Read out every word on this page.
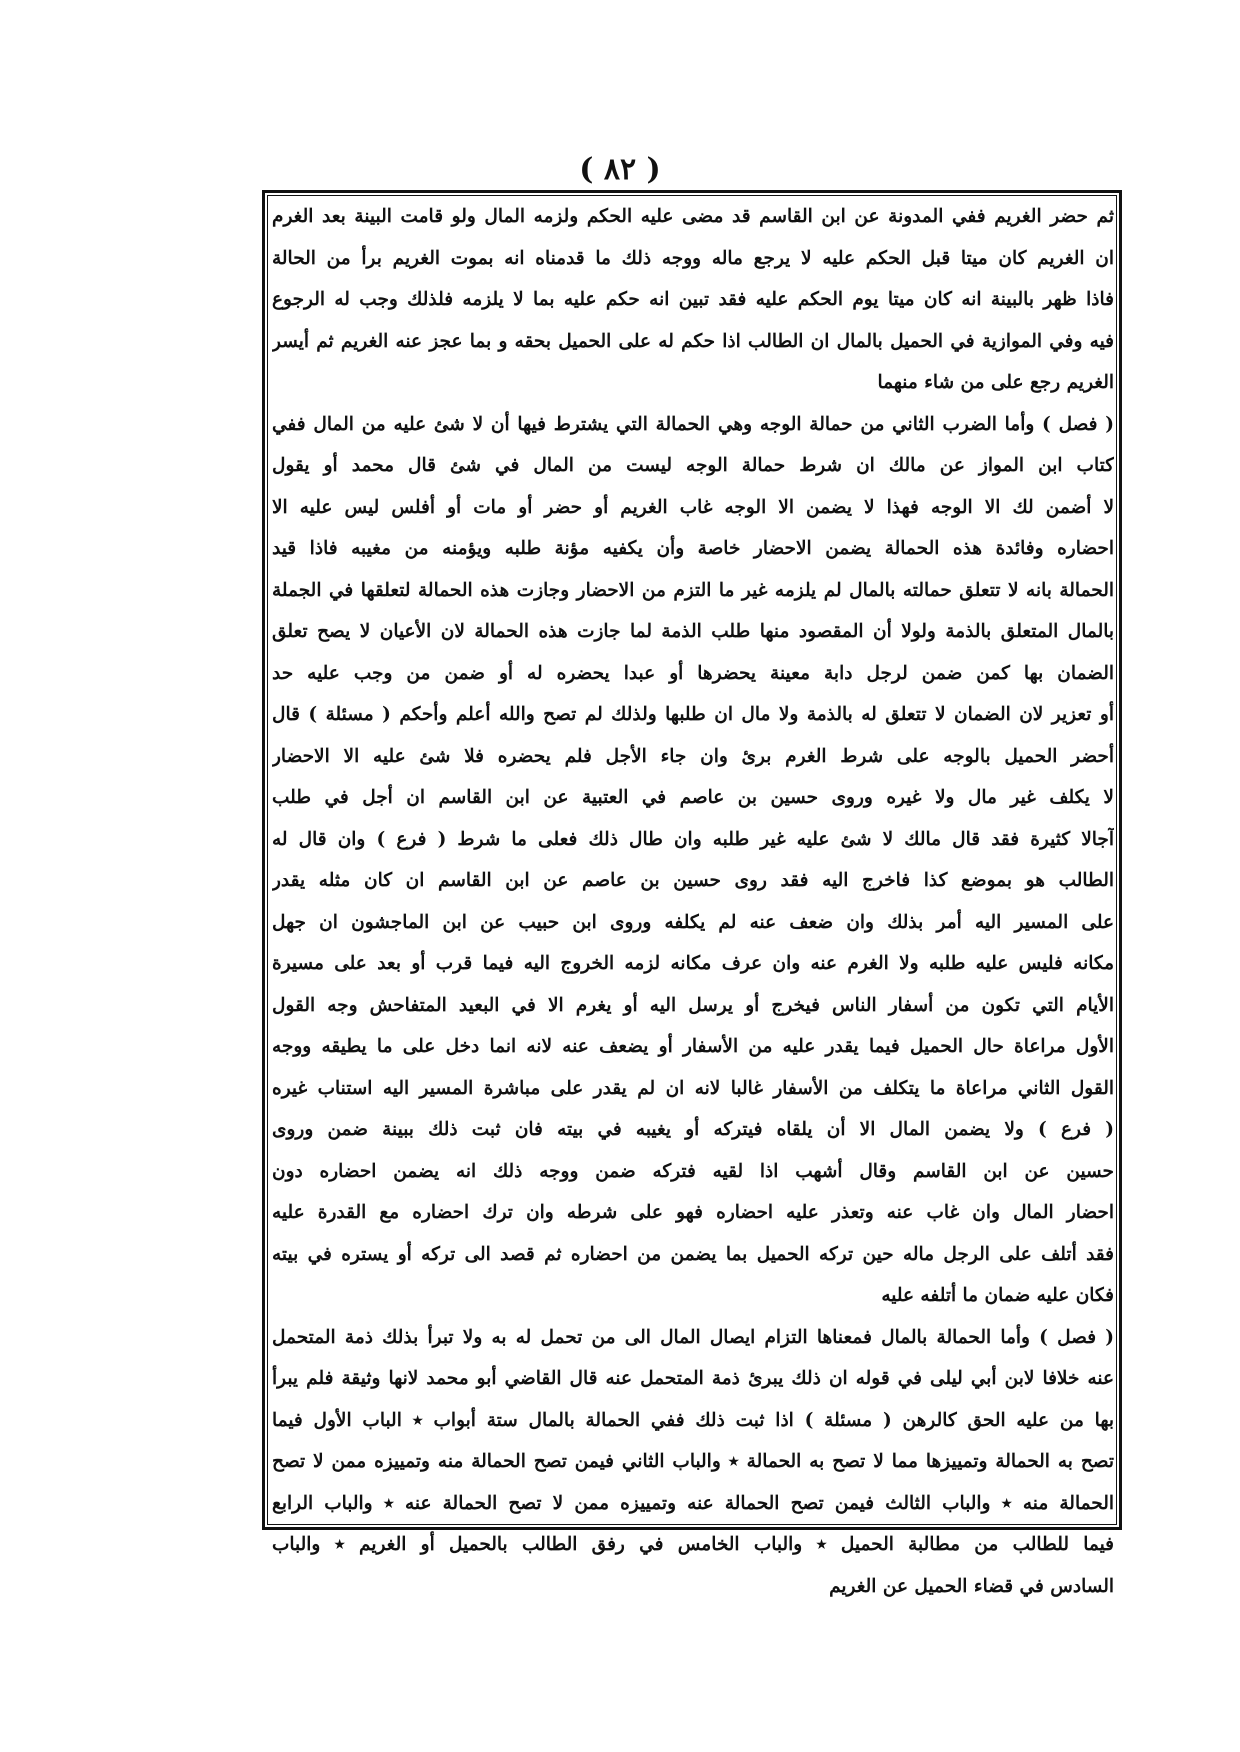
( ٨٢ )
ثم حضر الغريم ففي المدونة عن ابن القاسم قد مضى عليه الحكم ولزمه المال ولو قامت البينة بعد الغرم
ان الغريم كان ميتا قبل الحكم عليه لا يرجع ماله ووجه ذلك ما قدمناه انه بموت الغريم برأ من الحالة
فاذا ظهر بالبينة انه كان ميتا يوم الحكم عليه فقد تبين انه حكم عليه بما لا يلزمه فلذلك وجب له الرجوع
فيه وفي الموازية في الحميل بالمال ان الطالب اذا حكم له على الحميل بحقه و بما عجز عنه الغريم ثم أيسر
الغريم رجع على من شاء منهما
( فصل ) وأما الضرب الثاني من حمالة الوجه وهي الحمالة التي يشترط فيها أن لا شئ عليه من المال ففي
كتاب ابن المواز عن مالك ان شرط حمالة الوجه ليست من المال في شئ قال محمد أو يقول
لا أضمن لك الا الوجه فهذا لا يضمن الا الوجه غاب الغريم أو حضر أو مات أو أفلس ليس عليه الا
احضاره وفائدة هذه الحمالة يضمن الاحضار خاصة وأن يكفيه مؤنة طلبه ويؤمنه من مغيبه فاذا قيد
الحمالة بانه لا تتعلق حمالته بالمال لم يلزمه غير ما التزم من الاحضار وجازت هذه الحمالة لتعلقها في الجملة
بالمال المتعلق بالذمة ولولا أن المقصود منها طلب الذمة لما جازت هذه الحمالة لان الأعيان لا يصح تعلق
الضمان بها كمن ضمن لرجل دابة معينة يحضرها أو عبدا يحضره له أو ضمن من وجب عليه حد
أو تعزير لان الضمان لا تتعلق له بالذمة ولا مال ان طلبها ولذلك لم تصح والله أعلم وأحكم ( مسئلة ) قال
أحضر الحميل بالوجه على شرط الغرم برئ وان جاء الأجل فلم يحضره فلا شئ عليه الا الاحضار
لا يكلف غير مال ولا غيره وروى حسين بن عاصم في العتبية عن ابن القاسم ان أجل في طلب
آجالا كثيرة فقد قال مالك لا شئ عليه غير طلبه وان طال ذلك فعلى ما شرط ( فرع ) وان قال له
الطالب هو بموضع كذا فاخرج اليه فقد روى حسين بن عاصم عن ابن القاسم ان كان مثله يقدر
على المسير اليه أمر بذلك وان ضعف عنه لم يكلفه وروى ابن حبيب عن ابن الماجشون ان جهل
مكانه فليس عليه طلبه ولا الغرم عنه وان عرف مكانه لزمه الخروج اليه فيما قرب أو بعد على مسيرة
الأيام التي تكون من أسفار الناس فيخرج أو يرسل اليه أو يغرم الا في البعيد المتفاحش وجه القول
الأول مراعاة حال الحميل فيما يقدر عليه من الأسفار أو يضعف عنه لانه انما دخل على ما يطيقه ووجه
القول الثاني مراعاة ما يتكلف من الأسفار غالبا لانه ان لم يقدر على مباشرة المسير اليه استناب غيره
( فرع ) ولا يضمن المال الا أن يلقاه فيتركه أو يغيبه في بيته فان ثبت ذلك ببينة ضمن وروى
حسين عن ابن القاسم وقال أشهب اذا لقيه فتركه ضمن ووجه ذلك انه يضمن احضاره دون
احضار المال وان غاب عنه وتعذر عليه احضاره فهو على شرطه وان ترك احضاره مع القدرة عليه
فقد أتلف على الرجل ماله حين تركه الحميل بما يضمن من احضاره ثم قصد الى تركه أو يستره في بيته
فكان عليه ضمان ما أتلفه عليه
( فصل ) وأما الحمالة بالمال فمعناها التزام ايصال المال الى من تحمل له به ولا تبرأ بذلك ذمة المتحمل
عنه خلافا لابن أبي ليلى في قوله ان ذلك يبرئ ذمة المتحمل عنه قال القاضي أبو محمد لانها وثيقة فلم يبرأ
بها من عليه الحق كالرهن ( مسئلة ) اذا ثبت ذلك ففي الحمالة بالمال ستة أبواب ٭ الباب الأول فيما
تصح به الحمالة وتمييزها مما لا تصح به الحمالة ٭ والباب الثاني فيمن تصح الحمالة منه وتمييزه ممن لا تصح
الحمالة منه ٭ والباب الثالث فيمن تصح الحمالة عنه وتمييزه ممن لا تصح الحمالة عنه ٭ والباب الرابع
فيما للطالب من مطالبة الحميل ٭ والباب الخامس في رفق الطالب بالحميل أو الغريم ٭ والباب
السادس في قضاء الحميل عن الغريم
